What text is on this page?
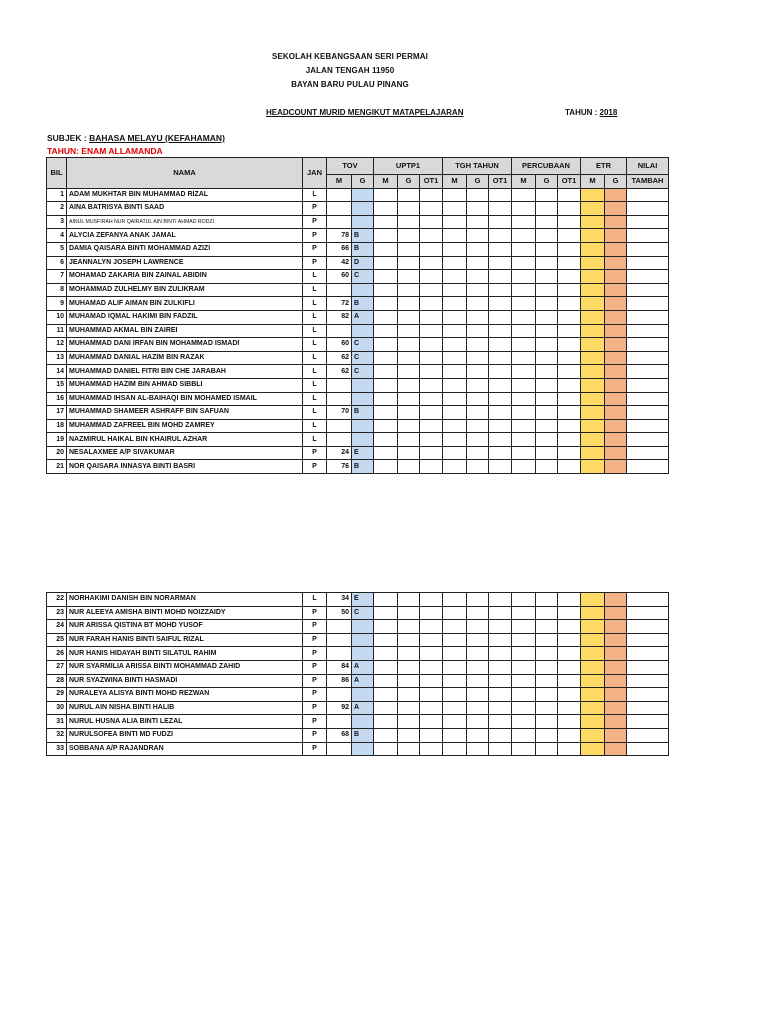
SEKOLAH KEBANGSAAN SERI PERMAI
JALAN TENGAH 11950
BAYAN BARU PULAU PINANG
HEADCOUNT MURID MENGIKUT MATAPELAJARAN	TAHUN : 2018
SUBJEK : BAHASA MELAYU (KEFAHAMAN)
TAHUN: ENAM ALLAMANDA
BIL	NAMA	JAN	TOV		UPTP1			TGH TAHUN			PERCUBAAN			ETR		NILAI
			M	G	M	G	OT1	M	G	OT1	M	G	OT1	M	G	TAMBAH
1	ADAM MUKHTAR BIN MUHAMMAD RIZAL	L														
2	AINA BATRISYA BINTI SAAD	P														
3	AINUL MUSFIRAH NUR QAIRATUL AIN BINTI AHMAD RODZI	P														
4	ALYCIA ZEFANYA ANAK JAMAL	P	78	B												
5	DAMIA QAISARA BINTI MOHAMMAD AZIZI	P	66	B												
6	JEANNALYN JOSEPH LAWRENCE	P	42	D												
7	MOHAMAD ZAKARIA BIN ZAINAL ABIDIN	L	60	C												
8	MOHAMMAD ZULHELMY BIN ZULIKRAM	L														
9	MUHAMAD ALIF AIMAN BIN ZULKIFLI	L	72	B												
10	MUHAMAD IQMAL HAKIMI BIN FADZIL	L	82	A												
11	MUHAMMAD AKMAL BIN ZAIREI	L														
12	MUHAMMAD DANI IRFAN BIN MOHAMMAD ISMADI	L	60	C												
13	MUHAMMAD DANIAL HAZIM BIN RAZAK	L	62	C												
14	MUHAMMAD DANIEL FITRI BIN CHE JARABAH	L	62	C												
15	MUHAMMAD HAZIM BIN AHMAD SIBBLI	L														
16	MUHAMMAD IHSAN AL-BAIHAQI BIN MOHAMED ISMAIL	L														
17	MUHAMMAD SHAMEER ASHRAFF BIN SAFUAN	L	70	B												
18	MUHAMMAD ZAFREEL BIN MOHD ZAMREY	L														
19	NAZMIRUL HAIKAL BIN KHAIRUL AZHAR	L														
20	NESALAXMEE A/P SIVAKUMAR	P	24	E												
21	NOR QAISARA INNASYA BINTI BASRI	P	76	B												
22	NORHAKIMI DANISH BIN NORARMAN	L	34	E												
23	NUR ALEEYA AMISHA BINTI MOHD NOIZZAIDY	P	50	C												
24	NUR ARISSA QISTINA BT MOHD YUSOF	P														
25	NUR FARAH HANIS BINTI SAIFUL RIZAL	P														
26	NUR HANIS HIDAYAH BINTI SILATUL RAHIM	P														
27	NUR SYARMILIA ARISSA BINTI MOHAMMAD ZAHID	P	84	A												
28	NUR SYAZWINA BINTI HASMADI	P	86	A												
29	NURALEYA ALISYA BINTI MOHD REZWAN	P														
30	NURUL AIN NISHA BINTI HALIB	P	92	A												
31	NURUL HUSNA ALIA BINTI LEZAL	P														
32	NURULSOFEA BINTI MD FUDZI	P	68	B												
33	SOBBANA A/P RAJANDRAN	P														
